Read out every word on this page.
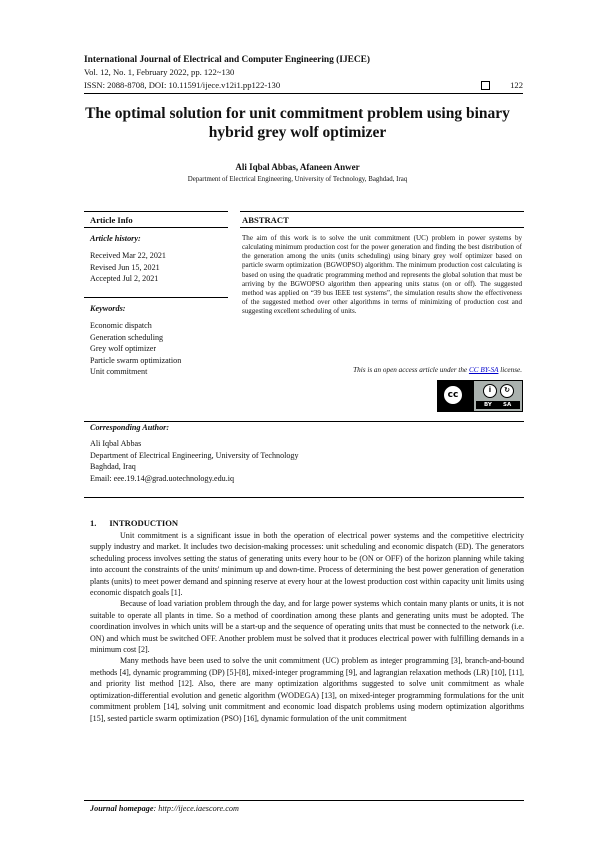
International Journal of Electrical and Computer Engineering (IJECE)
Vol. 12, No. 1, February 2022, pp. 122~130
ISSN: 2088-8708, DOI: 10.11591/ijece.v12i1.pp122-130	122
The optimal solution for unit commitment problem using binary
hybrid grey wolf optimizer
Ali Iqbal Abbas, Afaneen Anwer
Department of Electrical Engineering, University of Technology, Baghdad, Iraq
Article Info	ABSTRACT
Article history:
Received Mar 22, 2021
Revised Jun 15, 2021
Accepted Jul 2, 2021
Keywords:
Economic dispatch
Generation scheduling
Grey wolf optimizer
Particle swarm optimization
Unit commitment
The aim of this work is to solve the unit commitment (UC) problem in power systems by calculating minimum production cost for the power generation and finding the best distribution of the generation among the units (units scheduling) using binary grey wolf optimizer based on particle swarm optimization (BGWOPSO) algorithm. The minimum production cost calculating is based on using the quadratic programming method and represents the global solution that must be arriving by the BGWOPSO algorithm then appearing units status (on or off). The suggested method was applied on “39 bus IEEE test systems”, the simulation results show the effectiveness of the suggested method over other algorithms in terms of minimizing of production cost and suggesting excellent scheduling of units.
This is an open access article under the CC BY-SA license.
cc	i	↻
BY SA
Corresponding Author:
Ali Iqbal Abbas
Department of Electrical Engineering, University of Technology
Baghdad, Iraq
Email: eee.19.14@grad.uotechnology.edu.iq
1.      INTRODUCTION

Unit commitment is a significant issue in both the operation of electrical power systems and the competitive electricity supply industry and market. It includes two decision-making processes: unit scheduling and economic dispatch (ED). The generators scheduling process involves setting the status of generating units every hour to be (ON or OFF) of the horizon planning while taking into account the constraints of the units' minimum up and down-time. Process of determining the best power generation of generation plants (units) to meet power demand and spinning reserve at every hour at the lowest production cost within capacity unit limits using economic dispatch goals [1].

Because of load variation problem through the day, and for large power systems which contain many plants or units, it is not suitable to operate all plants in time. So a method of coordination among these plants and generating units must be adopted. The coordination involves in which units will be a start-up and the sequence of operating units that must be connected to the network (i.e. ON) and which must be switched OFF. Another problem must be solved that it produces electrical power with fulfilling demands in a minimum cost [2].

Many methods have been used to solve the unit commitment (UC) problem as integer programming [3], branch-and-bound methods [4], dynamic programming (DP) [5]-[8], mixed-integer programming [9], and lagrangian relaxation methods (LR) [10], [11], and priority list method [12]. Also, there are many optimization algorithms suggested to solve unit commitment as whale optimization-differential evolution and genetic algorithm (WODEGA) [13], on mixed-integer programming formulations for the unit commitment problem [14], solving unit commitment and economic load dispatch problems using modern optimization algorithms [15], sested particle swarm optimization (PSO) [16], dynamic formulation of the unit commitment

Journal homepage: http://ijece.iaescore.com
